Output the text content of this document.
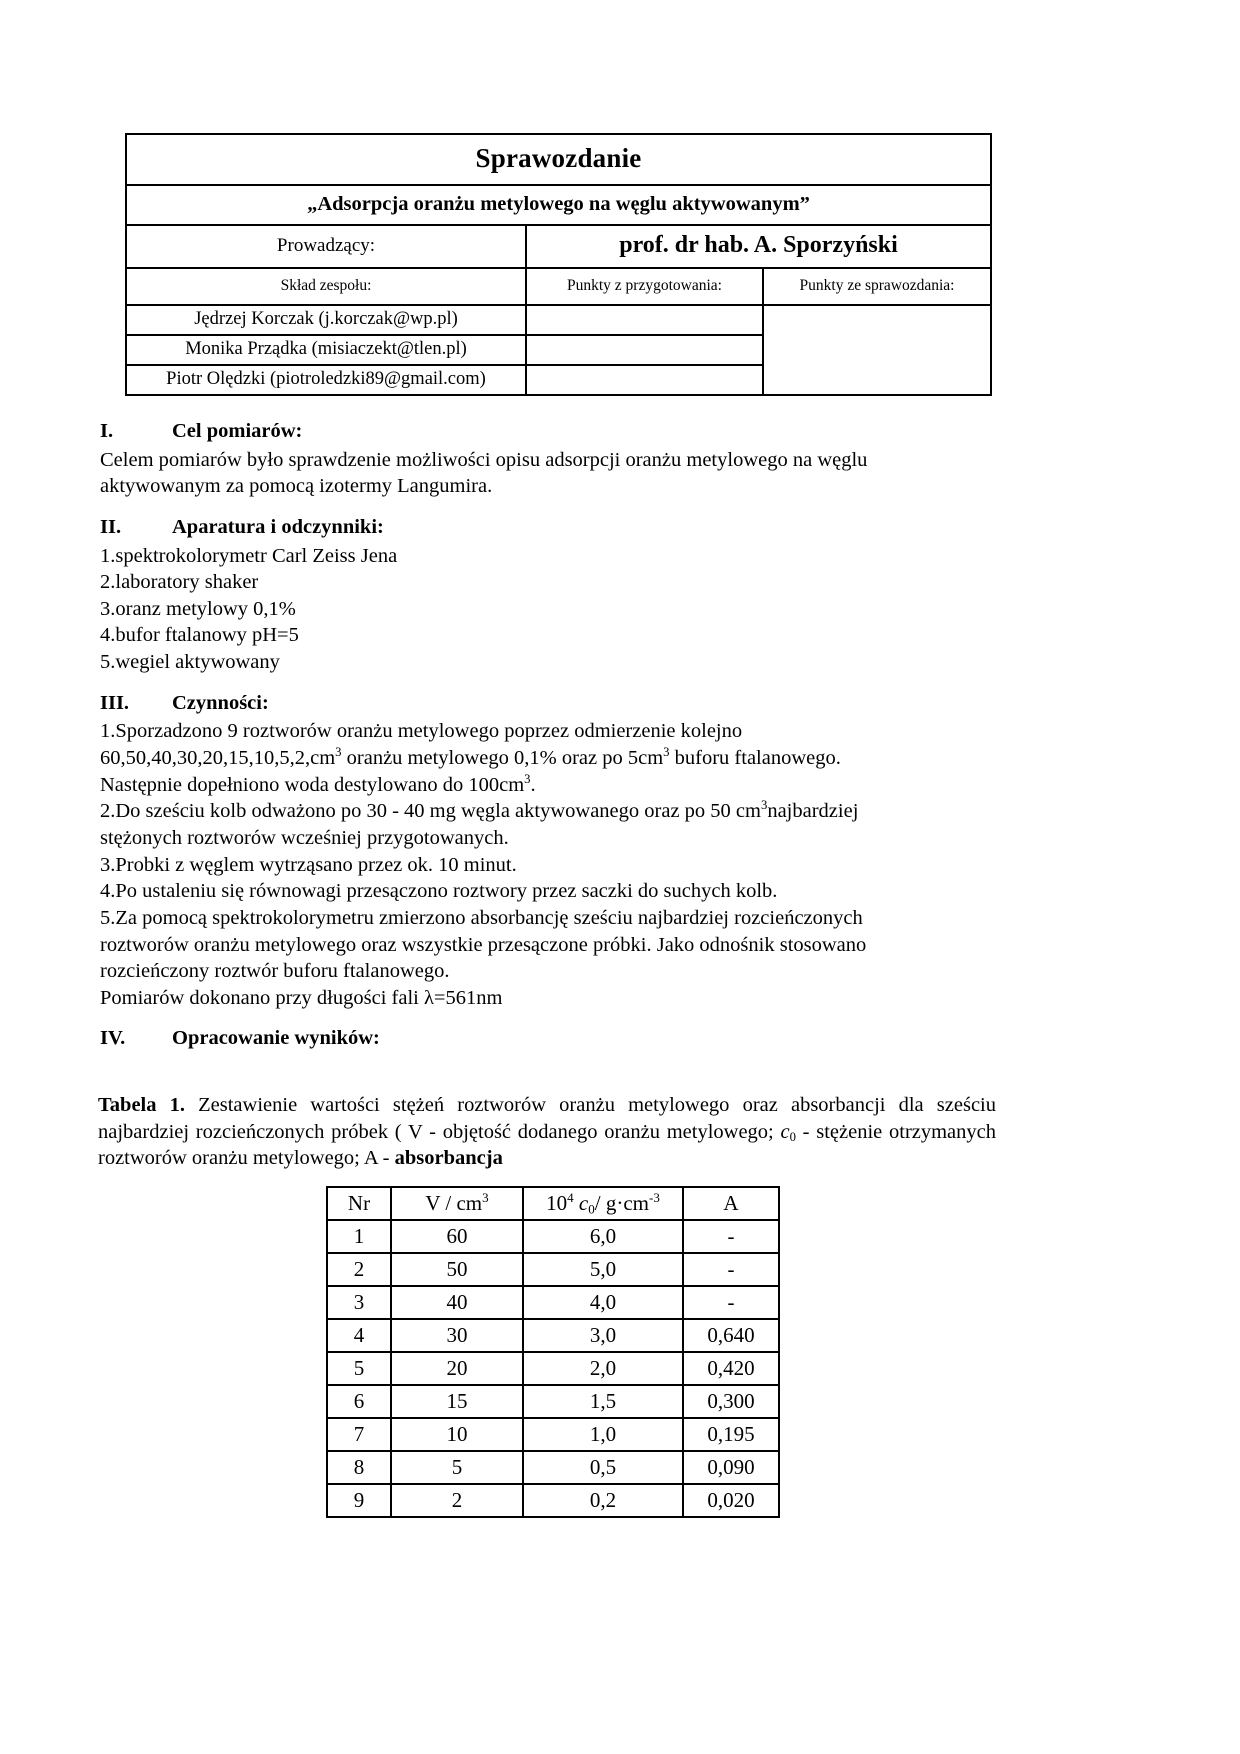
Sprawozdanie		
„Adsorpcja oranżu metylowego na węglu aktywowanym”		
Prowadzący:	prof. dr hab. A. Sporzyński	
Skład zespołu:	Punkty z przygotowania:	Punkty ze sprawozdania:
Jędrzej Korczak (j.korczak@wp.pl)		
Monika Prządka (misiaczekt@tlen.pl)		
Piotr Olędzki (piotroledzki89@gmail.com)		
I.	Cel pomiarów:

Celem pomiarów było sprawdzenie możliwości opisu adsorpcji oranżu metylowego na węglu

aktywowanym za pomocą izotermy Langumira.

II.	Aparatura i odczynniki:

1.spektrokolorymetr Carl Zeiss Jena

2.laboratory shaker

3.oranz metylowy 0,1%

4.bufor ftalanowy pH=5

5.wegiel aktywowany

III.	Czynności:

1.Sporzadzono 9 roztworów oranżu metylowego poprzez odmierzenie kolejno

$60,50,40,30,20,15,10,5,2,cm^3$ oranżu metylowego 0,1% oraz po $5cm^3$ buforu ftalanowego.

Następnie dopełniono woda destylowano do $100cm^3$.

2.Do sześciu kolb odważono po 30 - 40 mg węgla aktywowanego oraz po 50 $cm^3najbardziej$

stężonych roztworów wcześniej przygotowanych.

3.Probki z węglem wytrząsano przez ok. 10 minut.

4.Po ustaleniu się równowagi przesączono roztwory przez saczki do suchych kolb.

5.Za pomocą spektrokolorymetru zmierzono absorbancję sześciu najbardziej rozcieńczonych

roztworów oranżu metylowego oraz wszystkie przesączone próbki. Jako odnośnik stosowano

rozcieńczony roztwór buforu ftalanowego.

Pomiarów dokonano przy długości fali λ=561nm

IV.	Opracowanie wyników:
Tabela 1. Zestawienie wartości stężeń roztworów oranżu metylowego oraz absorbancji dla sześciu najbardziej rozcieńczonych próbek ( V - objętość dodanego oranżu metylowego; $c_0$ - stężenie otrzymanych roztworów oranżu metylowego; A - absorbancja
Nr	V / $cm^3$	$10^4$ $c_0/$ $g\cdot cm^{-3}$	A
1	60	6,0	-
2	50	5,0	-
3	40	4,0	-
4	30	3,0	0,640
5	20	2,0	0,420
6	15	1,5	0,300
7	10	1,0	0,195
8	5	0,5	0,090
9	2	0,2	0,020
